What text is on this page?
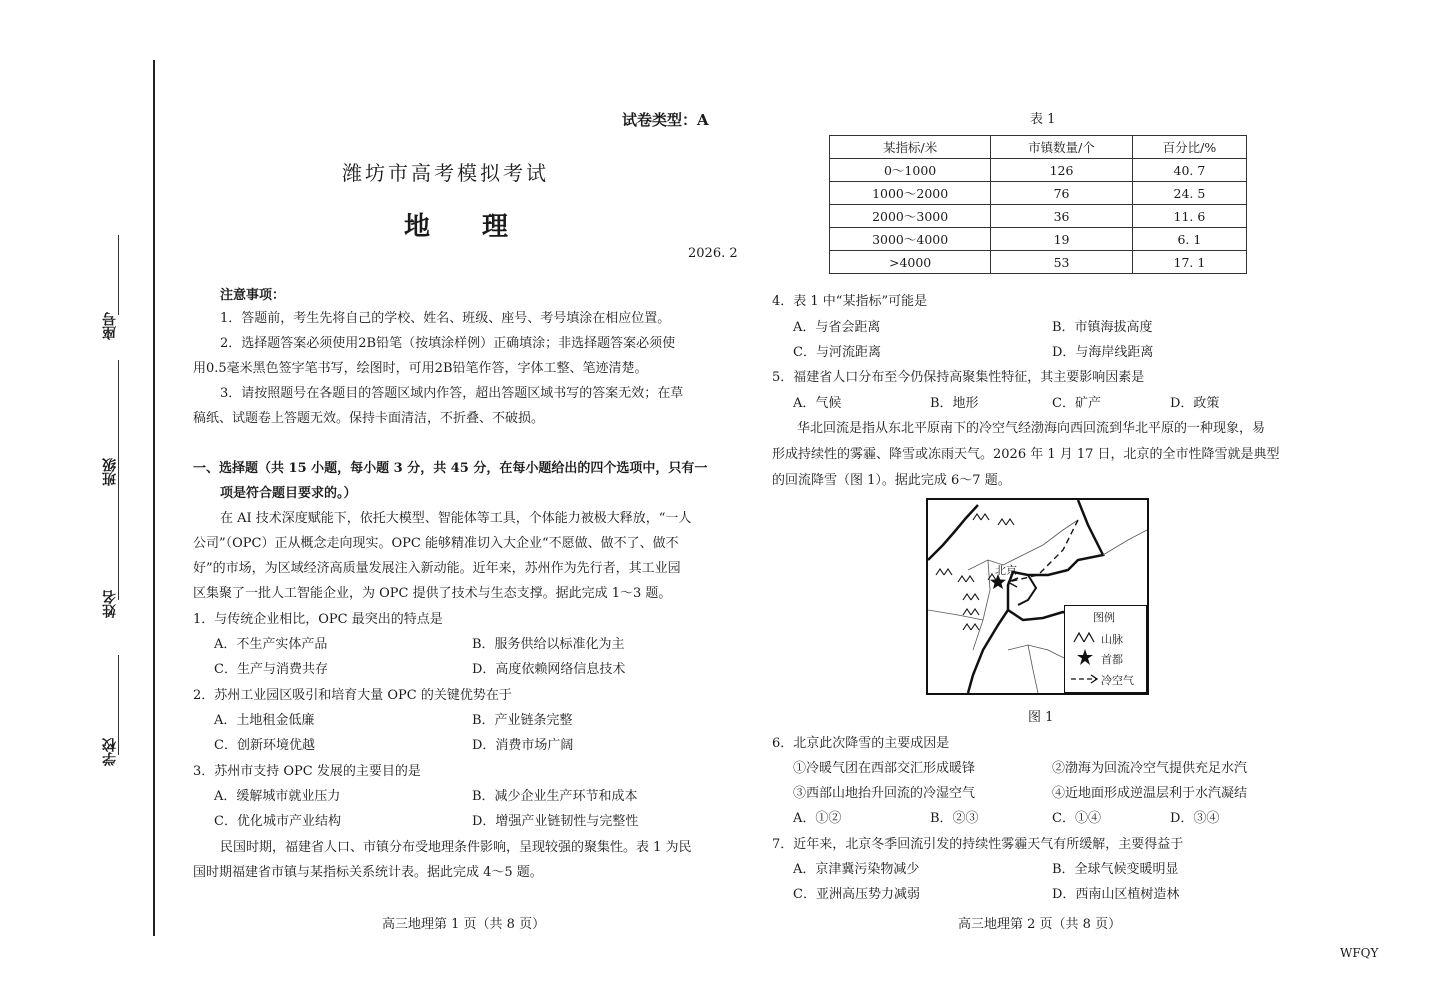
学校
姓名
班级
座号
试卷类型：A
潍坊市高考模拟考试
地　　理
2026. 2
注意事项：
1．答题前，考生先将自己的学校、姓名、班级、座号、考号填涂在相应位置。
2．选择题答案必须使用2B铅笔（按填涂样例）正确填涂；非选择题答案必须使
用0.5毫米黑色签字笔书写，绘图时，可用2B铅笔作答，字体工整、笔迹清楚。
3．请按照题号在各题目的答题区域内作答，超出答题区域书写的答案无效；在草
稿纸、试题卷上答题无效。保持卡面清洁，不折叠、不破损。
一、选择题（共 15 小题，每小题 3 分，共 45 分，在每小题给出的四个选项中，只有一
项是符合题目要求的。）
在 AI 技术深度赋能下，依托大模型、智能体等工具，个体能力被极大释放，“一人
公司”（OPC）正从概念走向现实。OPC 能够精准切入大企业“不愿做、做不了、做不
好”的市场，为区域经济高质量发展注入新动能。近年来，苏州作为先行者，其工业园
区集聚了一批人工智能企业，为 OPC 提供了技术与生态支撑。据此完成 1～3 题。
1．与传统企业相比，OPC 最突出的特点是
A．不生产实体产品	B．服务供给以标准化为主
C．生产与消费共存	D．高度依赖网络信息技术
2．苏州工业园区吸引和培育大量 OPC 的关键优势在于
A．土地租金低廉	B．产业链条完整
C．创新环境优越	D．消费市场广阔
3．苏州市支持 OPC 发展的主要目的是
A．缓解城市就业压力	B．减少企业生产环节和成本
C．优化城市产业结构	D．增强产业链韧性与完整性
民国时期，福建省人口、市镇分布受地理条件影响，呈现较强的聚集性。表 1 为民
国时期福建省市镇与某指标关系统计表。据此完成 4～5 题。
高三地理第 1 页（共 8 页）
表 1
某指标/米	市镇数量/个	百分比/%
0～1000	126	40. 7
1000～2000	76	24. 5
2000～3000	36	11. 6
3000～4000	19	6. 1
>4000	53	17. 1
4．表 1 中“某指标”可能是
A．与省会距离	B．市镇海拔高度
C．与河流距离	D．与海岸线距离
5．福建省人口分布至今仍保持高聚集性特征，其主要影响因素是
A．气候	B．地形	C．矿产	D．政策
华北回流是指从东北平原南下的冷空气经渤海向西回流到华北平原的一种现象，易
形成持续性的雾霾、降雪或冻雨天气。2026 年 1 月 17 日，北京的全市性降雪就是典型
的回流降雪（图 1）。据此完成 6～7 题。
北京
图例
山脉
首都
冷空气
图 1
6．北京此次降雪的主要成因是
①冷暖气团在西部交汇形成暖锋	②渤海为回流冷空气提供充足水汽
③西部山地抬升回流的冷湿空气	④近地面形成逆温层利于水汽凝结
A．①②	B．②③	C．①④	D．③④
7．近年来，北京冬季回流引发的持续性雾霾天气有所缓解，主要得益于
A．京津冀污染物减少	B．全球气候变暖明显
C．亚洲高压势力减弱	D．西南山区植树造林
高三地理第 2 页（共 8 页）
WFQY
